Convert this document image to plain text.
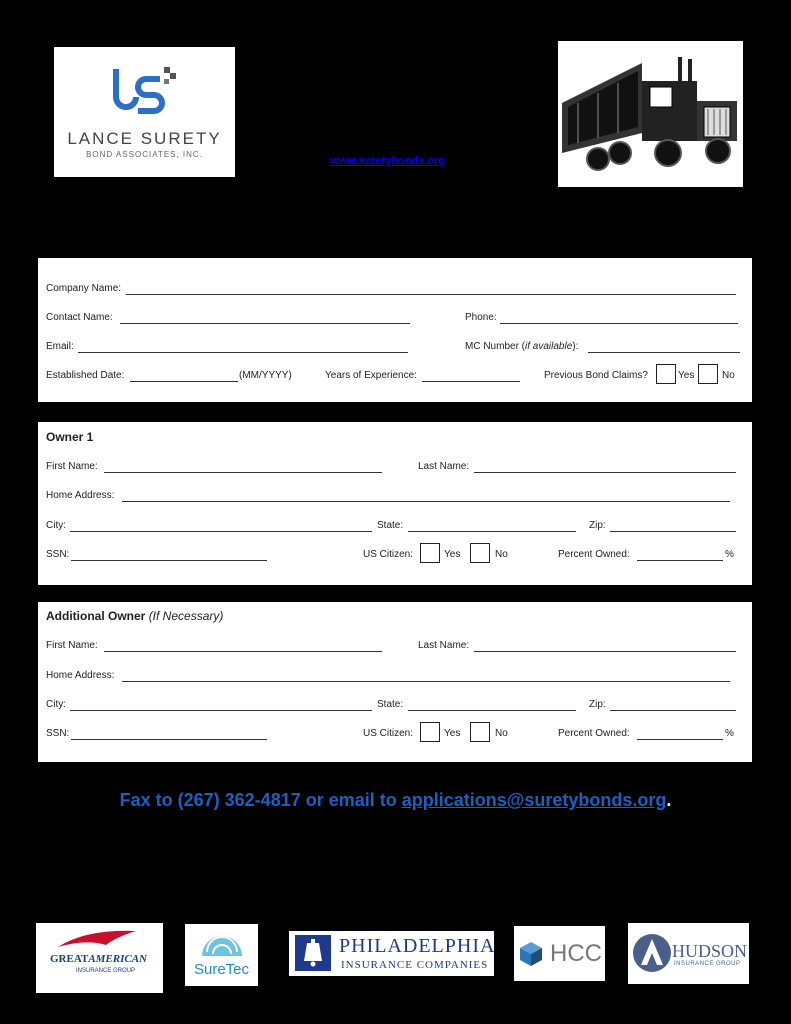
LANCE SURETY
BOND ASSOCIATES, INC.
www.suretybonds.org
Company Name:
Contact Name:	Phone:
Email:	MC Number (if available):
Established Date:	(MM/YYYY)	Years of Experience:	Previous Bond Claims?	Yes	No
Owner 1
First Name:	Last Name:
Home Address:
City:	State:	Zip:
SSN:	US Citizen:	Yes	No	Percent Owned:	%
Additional Owner (If Necessary)
First Name:	Last Name:
Home Address:
City:	State:	Zip:
SSN:	US Citizen:	Yes	No	Percent Owned:	%
Fax to (267) 362-4817 or email to applications@suretybonds.org.
GREATAMERICAN
INSURANCE GROUP	SureTec
PHILADELPHIA
INSURANCE COMPANIES	HCC	HUDSON
INSURANCE GROUP
